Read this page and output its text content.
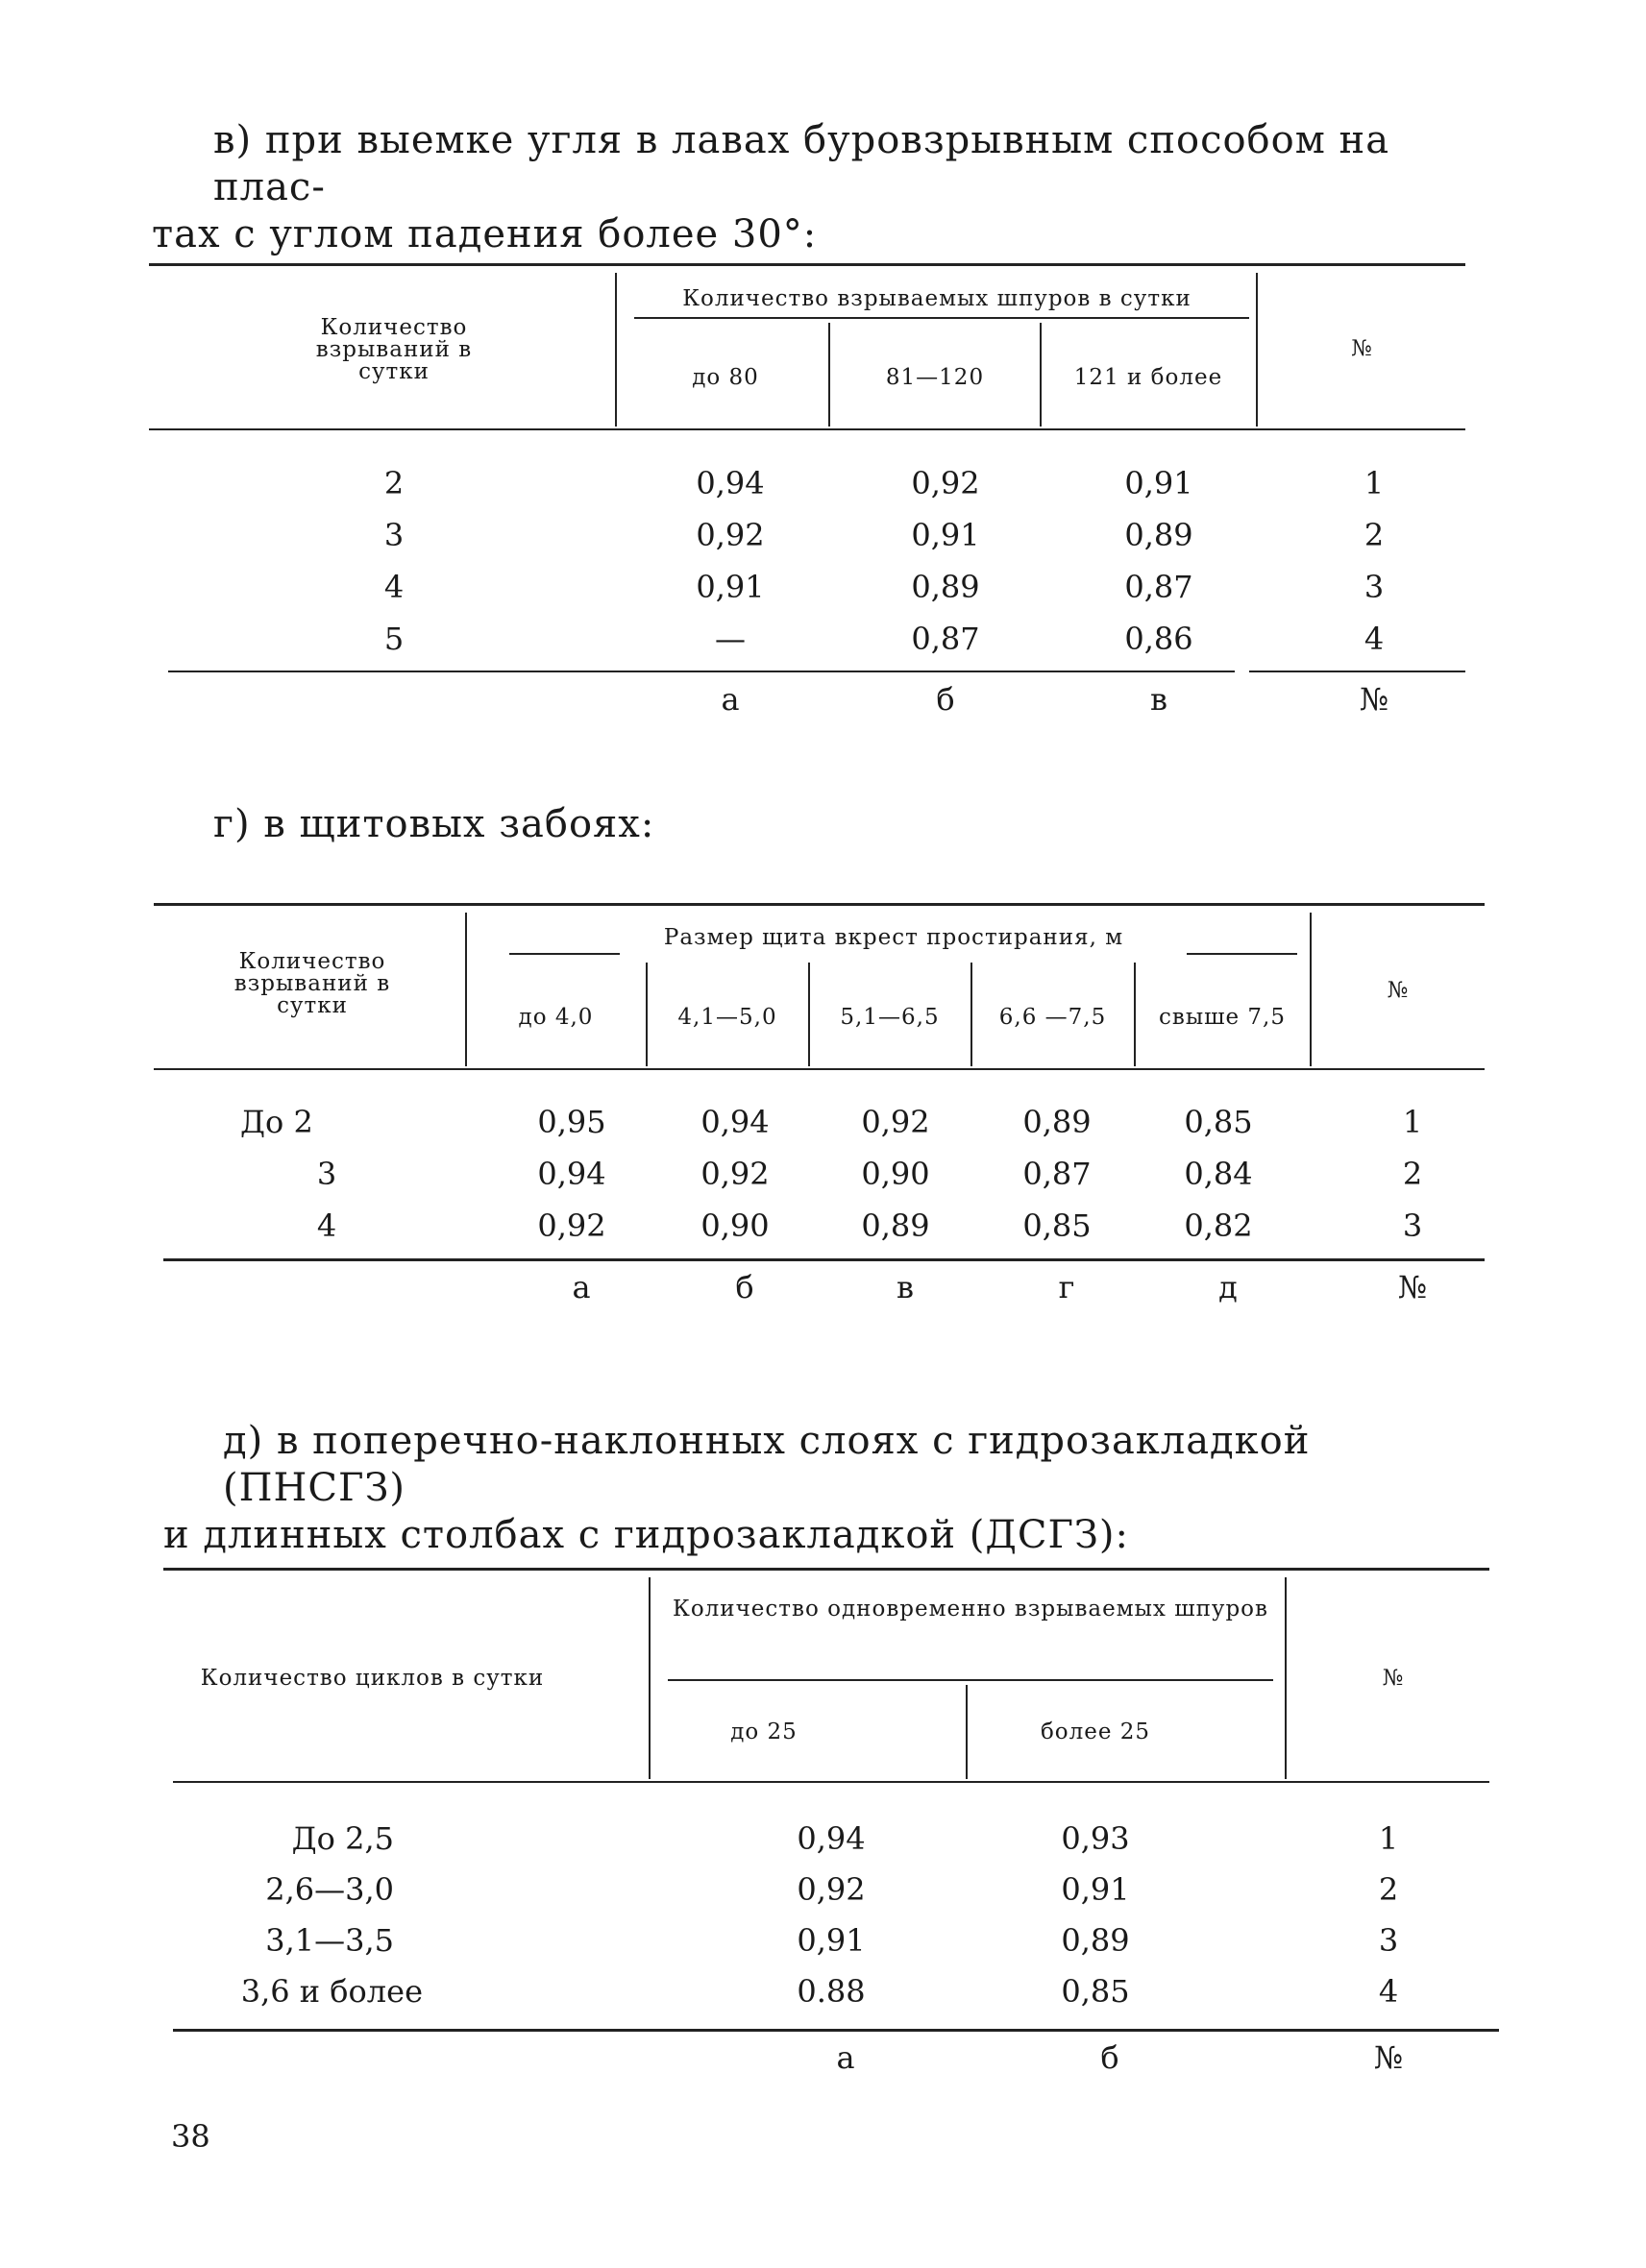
в) при выемке угля в лавах буровзрывным способом на плас-

тах с углом падения более 30°:

Количество взрываний в сутки
Количество взрываемых шпуров в сутки
до 80	81—120	121 и более
№
2	0,94	0,92	0,91	1
3	0,92	0,91	0,89	2
4	0,91	0,89	0,87	3
5	—	0,87	0,86	4
а	б	в	№

г) в щитовых забоях:

Количество взрываний в сутки
Размер щита вкрест простирания, м
до 4,0	4,1—5,0	5,1—6,5	6,6 —7,5	свыше 7,5
№
До 2	0,95	0,94	0,92	0,89	0,85	1
3	0,94	0,92	0,90	0,87	0,84	2
4	0,92	0,90	0,89	0,85	0,82	3
а	б	в	г	д	№

д) в поперечно-наклонных слоях с гидрозакладкой (ПНСГЗ)

и длинных столбах с гидрозакладкой (ДСГЗ):

Количество циклов в сутки
Количество одновременно взрываемых шпуров
до 25	более 25
№
До 2,5	0,94	0,93	1
2,6—3,0	0,92	0,91	2
3,1—3,5	0,91	0,89	3
3,6 и более	0.88	0,85	4
а	б	№
38
